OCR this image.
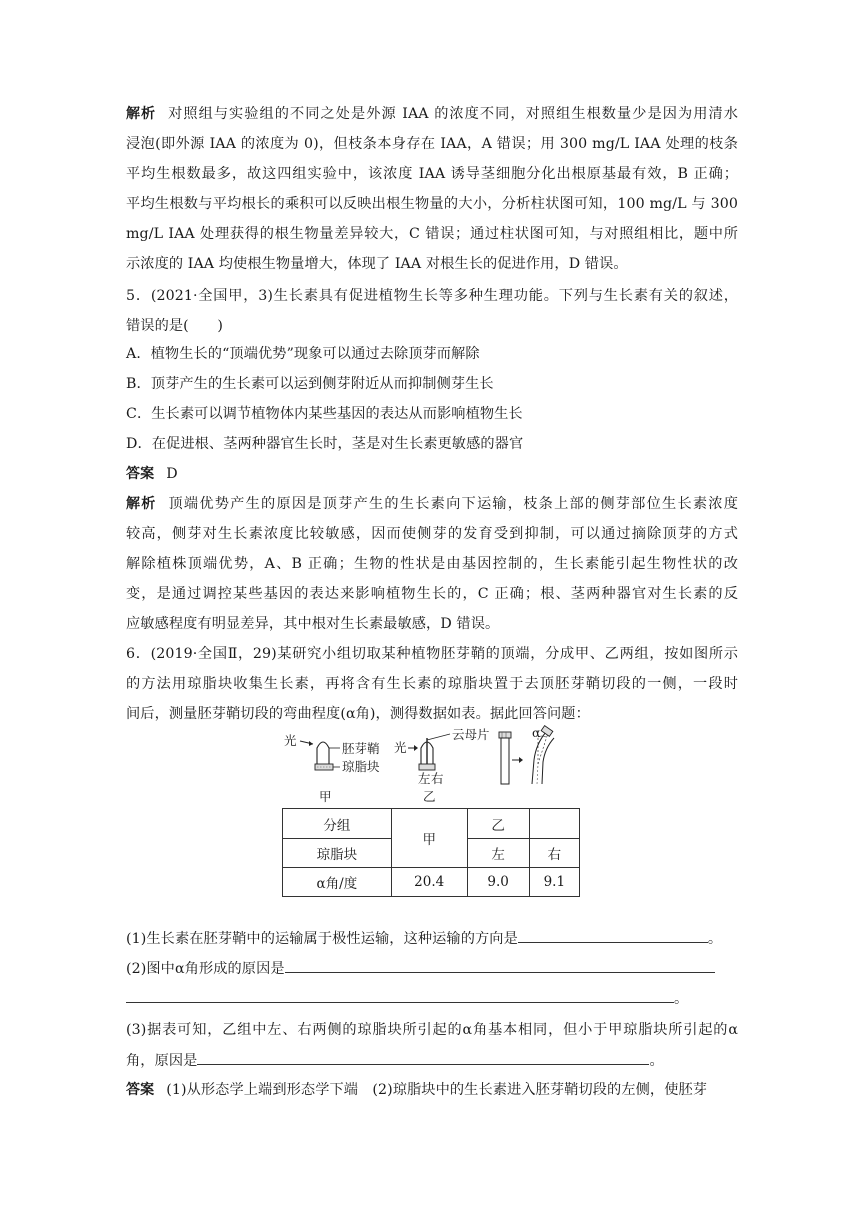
解析 对照组与实验组的不同之处是外源 IAA 的浓度不同，对照组生根数量少是因为用清水
浸泡(即外源 IAA 的浓度为 0)，但枝条本身存在 IAA，A 错误；用 300 mg/L IAA 处理的枝条
平均生根数最多，故这四组实验中，该浓度 IAA 诱导茎细胞分化出根原基最有效，B 正确；
平均生根数与平均根长的乘积可以反映出根生物量的大小，分析柱状图可知，100 mg/L 与 300
mg/L IAA 处理获得的根生物量差异较大，C 错误；通过柱状图可知，与对照组相比，题中所
示浓度的 IAA 均使根生物量增大，体现了 IAA 对根生长的促进作用，D 错误。
5．(2021·全国甲，3)生长素具有促进植物生长等多种生理功能。下列与生长素有关的叙述，
错误的是(　　)
A．植物生长的“顶端优势”现象可以通过去除顶芽而解除
B．顶芽产生的生长素可以运到侧芽附近从而抑制侧芽生长
C．生长素可以调节植物体内某些基因的表达从而影响植物生长
D．在促进根、茎两种器官生长时，茎是对生长素更敏感的器官
答案 D
解析 顶端优势产生的原因是顶芽产生的生长素向下运输，枝条上部的侧芽部位生长素浓度
较高，侧芽对生长素浓度比较敏感，因而使侧芽的发育受到抑制，可以通过摘除顶芽的方式
解除植株顶端优势，A、B 正确；生物的性状是由基因控制的，生长素能引起生物性状的改
变，是通过调控某些基因的表达来影响植物生长的，C 正确；根、茎两种器官对生长素的反
应敏感程度有明显差异，其中根对生长素最敏感，D 错误。
6．(2019·全国Ⅱ，29)某研究小组切取某种植物胚芽鞘的顶端，分成甲、乙两组，按如图所示
的方法用琼脂块收集生长素，再将含有生长素的琼脂块置于去顶胚芽鞘切段的一侧，一段时
间后，测量胚芽鞘切段的弯曲程度(α角)，测得数据如表。据此回答问题：
光
胚芽鞘
琼脂块
光
云母片
左 右
α
甲	乙
分组	甲	乙	
琼脂块		左	右
α角/度	20.4	9.0	9.1
(1)生长素在胚芽鞘中的运输属于极性运输，这种运输的方向是	。
(2)图中α角形成的原因是
。
(3)据表可知，乙组中左、右两侧的琼脂块所引起的α角基本相同，但小于甲琼脂块所引起的α
角，原因是	。
答案 (1)从形态学上端到形态学下端　(2)琼脂块中的生长素进入胚芽鞘切段的左侧，使胚芽
